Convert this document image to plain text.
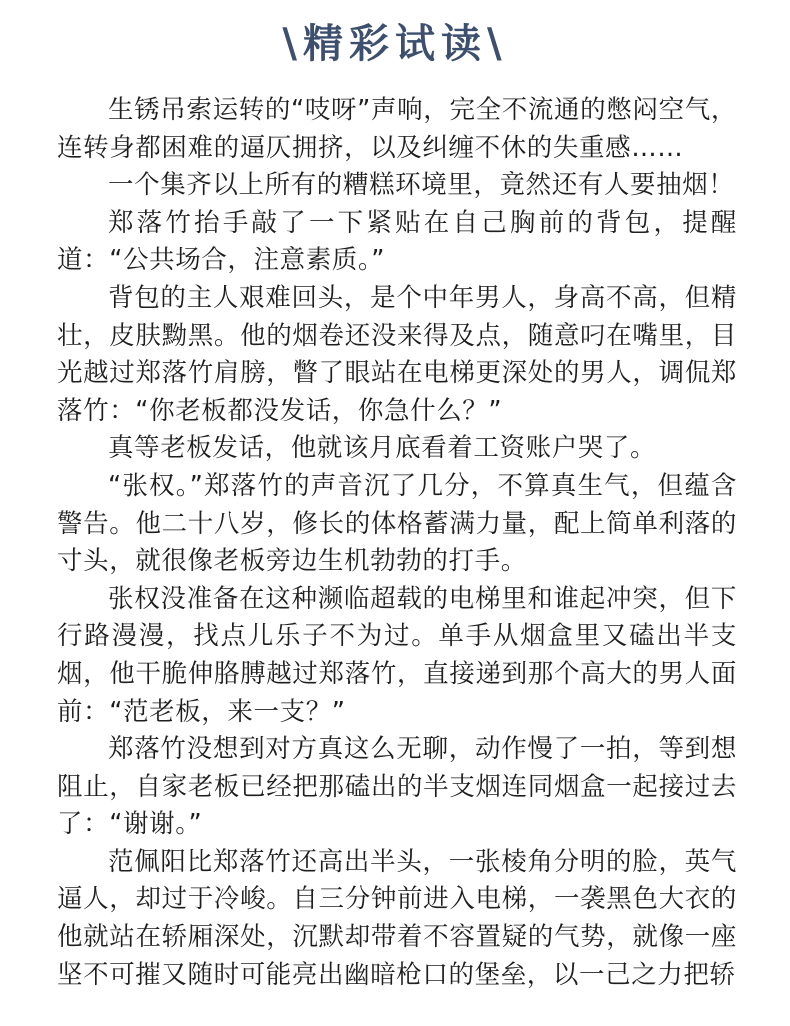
\精彩试读\

生锈吊索运转的“吱呀”声响，完全不流通的憋闷空气，连转身都困难的逼仄拥挤，以及纠缠不休的失重感……

一个集齐以上所有的糟糕环境里，竟然还有人要抽烟！

郑落竹抬手敲了一下紧贴在自己胸前的背包，提醒道：“公共场合，注意素质。”

背包的主人艰难回头，是个中年男人，身高不高，但精壮，皮肤黝黑。他的烟卷还没来得及点，随意叼在嘴里，目光越过郑落竹肩膀，瞥了眼站在电梯更深处的男人，调侃郑落竹：“你老板都没发话，你急什么？”

真等老板发话，他就该月底看着工资账户哭了。

“张权。”郑落竹的声音沉了几分，不算真生气，但蕴含警告。他二十八岁，修长的体格蓄满力量，配上简单利落的寸头，就很像老板旁边生机勃勃的打手。

张权没准备在这种濒临超载的电梯里和谁起冲突，但下行路漫漫，找点儿乐子不为过。单手从烟盒里又磕出半支烟，他干脆伸胳膊越过郑落竹，直接递到那个高大的男人面前：“范老板，来一支？”

郑落竹没想到对方真这么无聊，动作慢了一拍，等到想阻止，自家老板已经把那磕出的半支烟连同烟盒一起接过去了：“谢谢。”

范佩阳比郑落竹还高出半头，一张棱角分明的脸，英气逼人，却过于冷峻。自三分钟前进入电梯，一袭黑色大衣的他就站在轿厢深处，沉默却带着不容置疑的气势，就像一座坚不可摧又随时可能亮出幽暗枪口的堡垒，以一己之力把轿
